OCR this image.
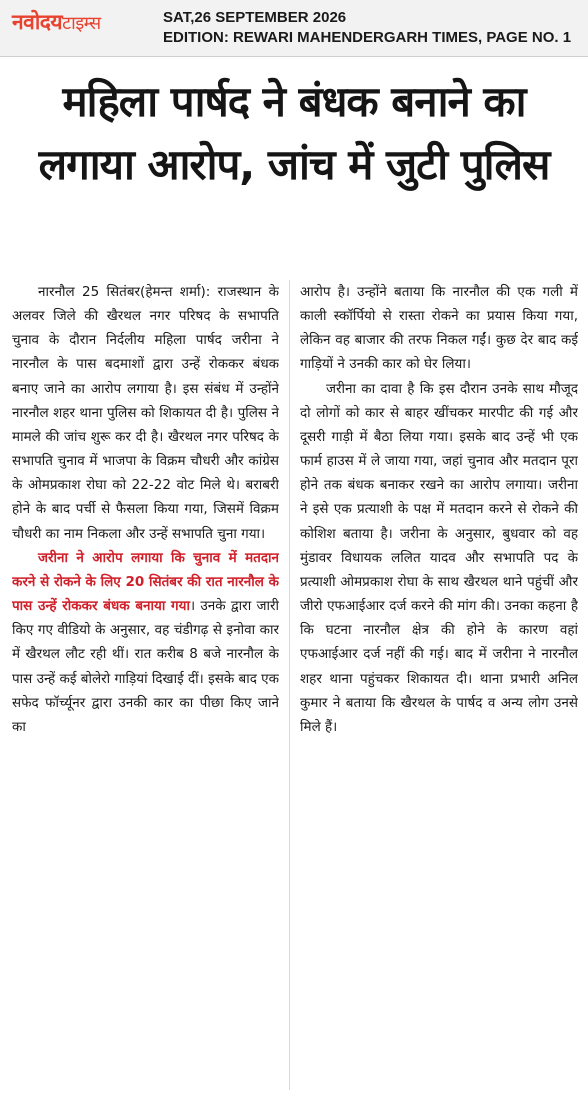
नवोदयटाइम्स	SAT,26 SEPTEMBER 2026
EDITION: REWARI MAHENDERGARH TIMES, PAGE NO. 1
महिला पार्षद ने बंधक बनाने का लगाया आरोप, जांच में जुटी पुलिस

नारनौल 25 सितंबर(हेमन्त शर्मा): राजस्थान के अलवर जिले की खैरथल नगर परिषद के सभापति चुनाव के दौरान निर्दलीय महिला पार्षद जरीना ने नारनौल के पास बदमाशों द्वारा उन्हें रोककर बंधक बनाए जाने का आरोप लगाया है। इस संबंध में उन्होंने नारनौल शहर थाना पुलिस को शिकायत दी है। पुलिस ने मामले की जांच शुरू कर दी है। खैरथल नगर परिषद के सभापति चुनाव में भाजपा के विक्रम चौधरी और कांग्रेस के ओमप्रकाश रोघा को 22-22 वोट मिले थे। बराबरी होने के बाद पर्ची से फैसला किया गया, जिसमें विक्रम चौधरी का नाम निकला और उन्हें सभापति चुना गया।

जरीना ने आरोप लगाया कि चुनाव में मतदान करने से रोकने के लिए 20 सितंबर की रात नारनौल के पास उन्हें रोककर बंधक बनाया गया। उनके द्वारा जारी किए गए वीडियो के अनुसार, वह चंडीगढ़ से इनोवा कार में खैरथल लौट रही थीं। रात करीब 8 बजे नारनौल के पास उन्हें कई बोलेरो गाड़ियां दिखाई दीं। इसके बाद एक सफेद फॉर्च्यूनर द्वारा उनकी कार का पीछा किए जाने का

आरोप है। उन्होंने बताया कि नारनौल की एक गली में काली स्कॉर्पियो से रास्ता रोकने का प्रयास किया गया, लेकिन वह बाजार की तरफ निकल गईं। कुछ देर बाद कई गाड़ियों ने उनकी कार को घेर लिया।

जरीना का दावा है कि इस दौरान उनके साथ मौजूद दो लोगों को कार से बाहर खींचकर मारपीट की गई और दूसरी गाड़ी में बैठा लिया गया। इसके बाद उन्हें भी एक फार्म हाउस में ले जाया गया, जहां चुनाव और मतदान पूरा होने तक बंधक बनाकर रखने का आरोप लगाया। जरीना ने इसे एक प्रत्याशी के पक्ष में मतदान करने से रोकने की कोशिश बताया है। जरीना के अनुसार, बुधवार को वह मुंडावर विधायक ललित यादव और सभापति पद के प्रत्याशी ओमप्रकाश रोघा के साथ खैरथल थाने पहुंचीं और जीरो एफआईआर दर्ज करने की मांग की। उनका कहना है कि घटना नारनौल क्षेत्र की होने के कारण वहां एफआईआर दर्ज नहीं की गई। बाद में जरीना ने नारनौल शहर थाना पहुंचकर शिकायत दी। थाना प्रभारी अनिल कुमार ने बताया कि खैरथल के पार्षद व अन्य लोग उनसे मिले हैं।
